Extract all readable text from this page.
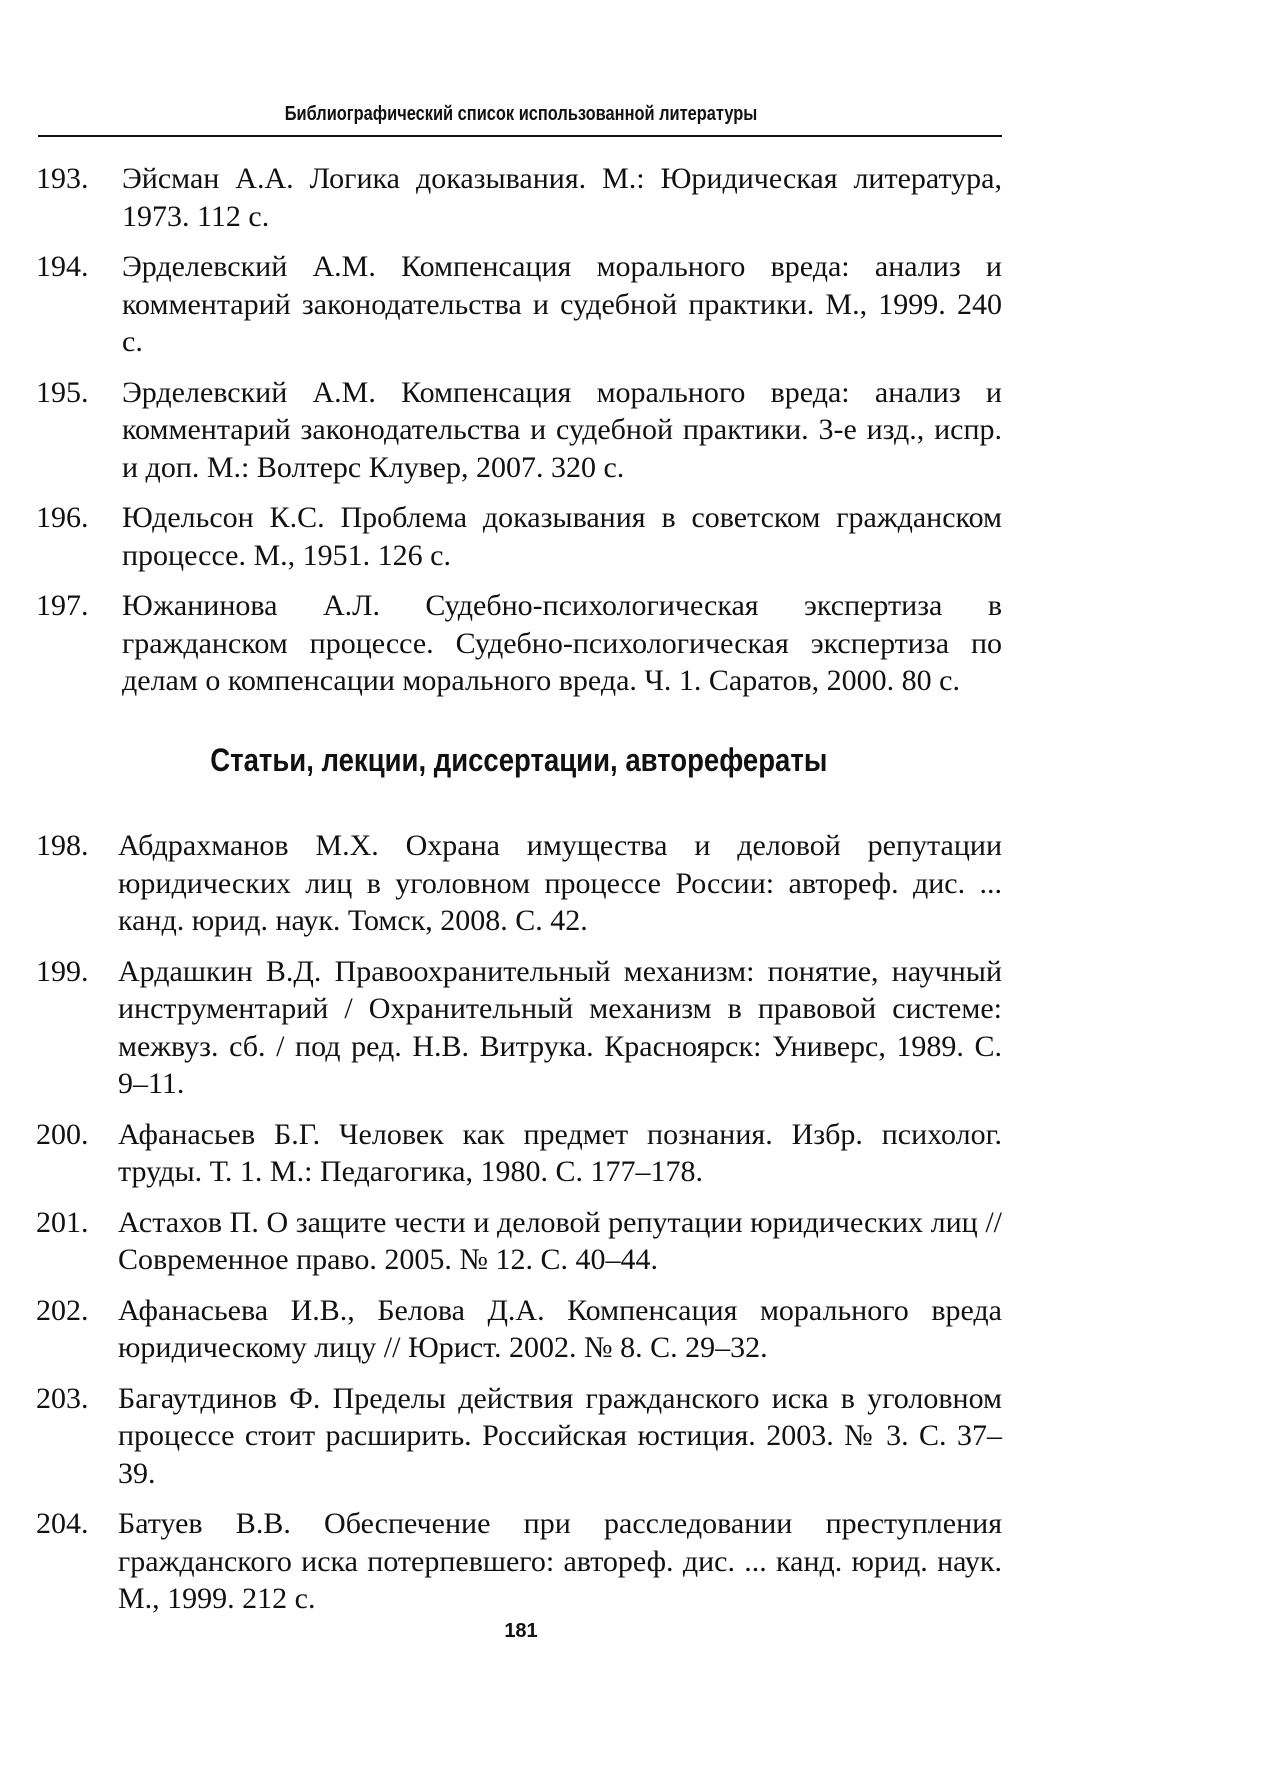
Библиографический список использованной литературы
193. Эйсман А.А. Логика доказывания. М.: Юридическая литература, 1973. 112 с.
194. Эрделевский А.М. Компенсация морального вреда: анализ и комментарий законодательства и судебной практики. М., 1999. 240 с.
195. Эрделевский А.М. Компенсация морального вреда: анализ и комментарий законодательства и судебной практики. 3-е изд., испр. и доп. М.: Волтерс Клувер, 2007. 320 с.
196. Юдельсон К.С. Проблема доказывания в советском гражданском процессе. М., 1951. 126 с.
197. Южанинова А.Л. Судебно-психологическая экспертиза в гражданском процессе. Судебно-психологическая экспертиза по делам о компенсации морального вреда. Ч. 1. Саратов, 2000. 80 с.
Статьи, лекции, диссертации, авторефераты
198. Абдрахманов М.Х. Охрана имущества и деловой репутации юридических лиц в уголовном процессе России: автореф. дис. ... канд. юрид. наук. Томск, 2008. С. 42.
199. Ардашкин В.Д. Правоохранительный механизм: понятие, научный инструментарий / Охранительный механизм в правовой системе: межвуз. сб. / под ред. Н.В. Витрука. Красноярск: Универс, 1989. С. 9–11.
200. Афанасьев Б.Г. Человек как предмет познания. Избр. психолог. труды. Т. 1. М.: Педагогика, 1980. С. 177–178.
201. Астахов П. О защите чести и деловой репутации юридических лиц // Современное право. 2005. № 12. С. 40–44.
202. Афанасьева И.В., Белова Д.А. Компенсация морального вреда юридическому лицу // Юрист. 2002. № 8. С. 29–32.
203. Багаутдинов Ф. Пределы действия гражданского иска в уголовном процессе стоит расширить. Российская юстиция. 2003. № 3. С. 37–39.
204. Батуев В.В. Обеспечение при расследовании преступления гражданского иска потерпевшего: автореф. дис. ... канд. юрид. наук. М., 1999. 212 с.
181
